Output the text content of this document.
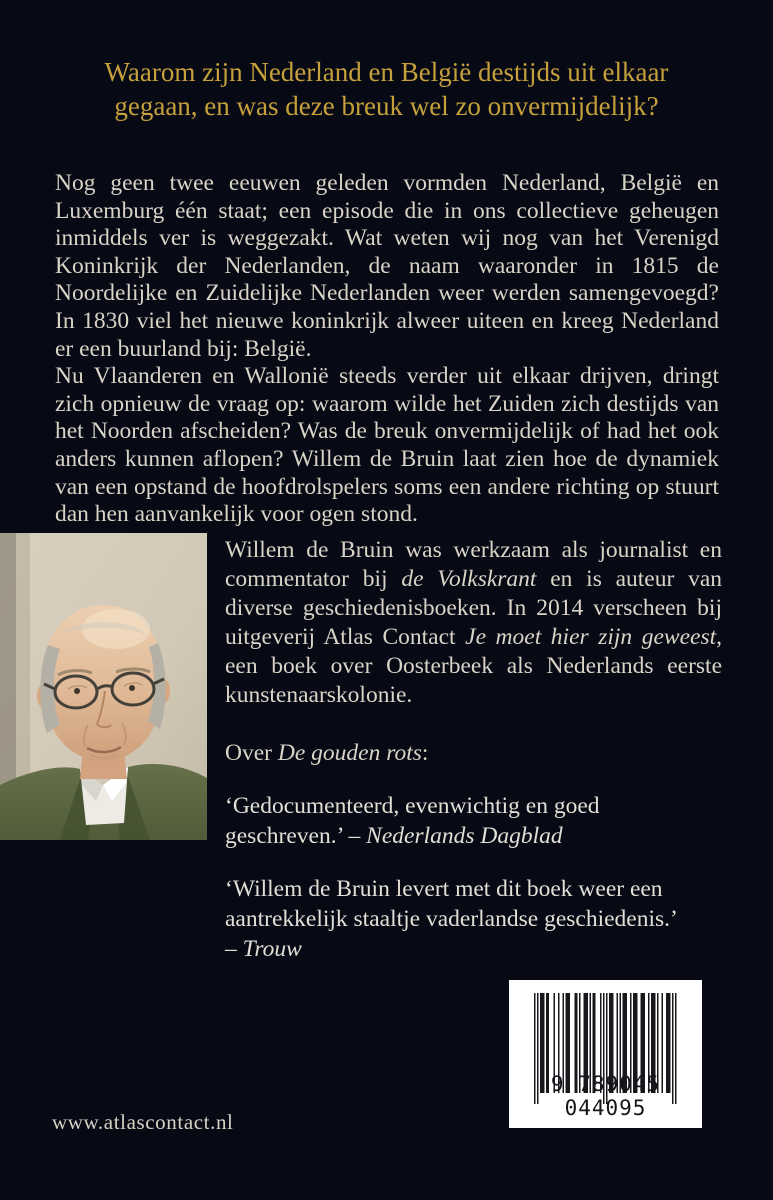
Waarom zijn Nederland en België destijds uit elkaar
gegaan, en was deze breuk wel zo onvermijdelijk?

Nog geen twee eeuwen geleden vormden Nederland, België en Luxemburg één staat; een episode die in ons collectieve geheugen inmiddels ver is weggezakt. Wat weten wij nog van het Verenigd Koninkrijk der Nederlanden, de naam waaronder in 1815 de Noordelijke en Zuidelijke Nederlanden weer werden samengevoegd? In 1830 viel het nieuwe koninkrijk alweer uiteen en kreeg Nederland er een buurland bij: België.

Nu Vlaanderen en Wallonië steeds verder uit elkaar drijven, dringt zich opnieuw de vraag op: waarom wilde het Zuiden zich destijds van het Noorden afscheiden? Was de breuk onvermijdelijk of had het ook anders kunnen aflopen? Willem de Bruin laat zien hoe de dynamiek van een opstand de hoofdrolspelers soms een andere richting op stuurt dan hen aanvankelijk voor ogen stond.

Willem de Bruin was werkzaam als journalist en commentator bij de Volkskrant en is auteur van diverse geschiedenisboeken. In 2014 verscheen bij uitgeverij Atlas Contact Je moet hier zijn geweest, een boek over Oosterbeek als Nederlands eerste kunstenaarskolonie.

Over De gouden rots:

‘Gedocumenteerd, evenwichtig en goed geschreven.’ – Nederlands Dagblad

‘Willem de Bruin levert met dit boek weer een aantrekkelijk staaltje vaderlandse geschiedenis.’

– Trouw

9 789045 044095
www.atlascontact.nl
